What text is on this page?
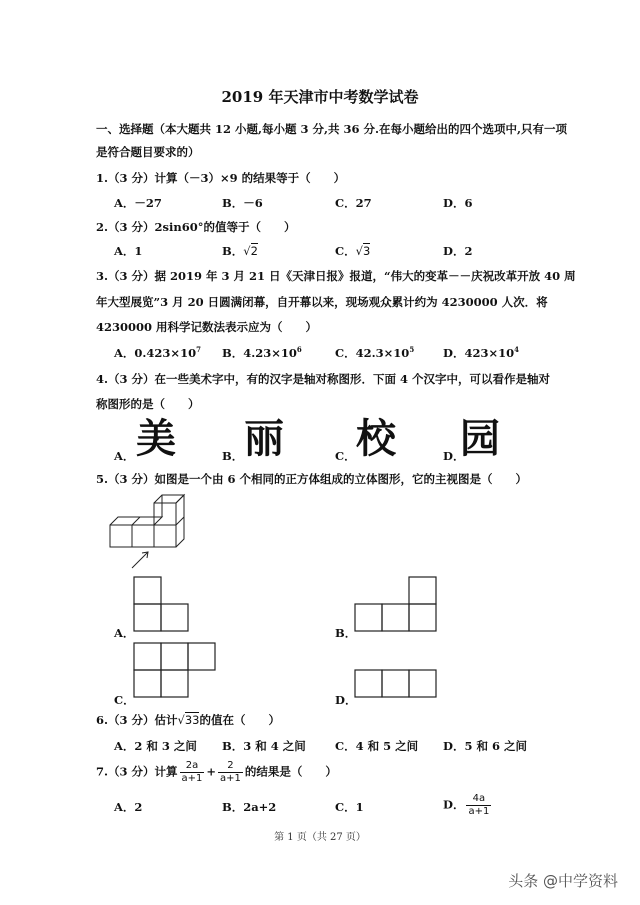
2019 年天津市中考数学试卷
一、选择题（本大题共 12 小题,每小题 3 分,共 36 分.在每小题给出的四个选项中,只有一项
是符合题目要求的）
1.（3 分）计算（－3）×9 的结果等于（　　）
A．－27	B．－6	C．27	D．6
2.（3 分）2sin60°的值等于（　　）
A．1	B．√2	C．√3	D．2
3.（3 分）据 2019 年 3 月 21 日《天津日报》报道，“伟大的变革－－庆祝改革开放 40 周
年大型展览”3 月 20 日圆满闭幕，自开幕以来，现场观众累计约为 4230000 人次．将
4230000 用科学记数法表示应为（　　）
A．$0.423\times 10^7$ B．$4.23\times 10^6$	C．$42.3\times 10^5$	D．$423\times 10^4$
4.（3 分）在一些美术字中，有的汉字是轴对称图形．下面 4 个汉字中，可以看作是轴对
称图形的是（　　）
美 丽 校 园
A．	B．	C．	D．
5.（3 分）如图是一个由 6 个相同的正方体组成的立体图形，它的主视图是（　　）
A．	B．
C．	D．
6.（3 分）估计√33的值在（　　）
A．2 和 3 之间 B．3 和 4 之间	C．4 和 5 之间 D．5 和 6 之间
7.（3 分）计算 $\frac{2a}{a+1} + \frac{2}{a+1}$ 的结果是（　　）
A．2	B．2a+2	C．1	D． $\frac{4a}{a+1}$
第 1 页（共 27 页）
头条 @中学资料
